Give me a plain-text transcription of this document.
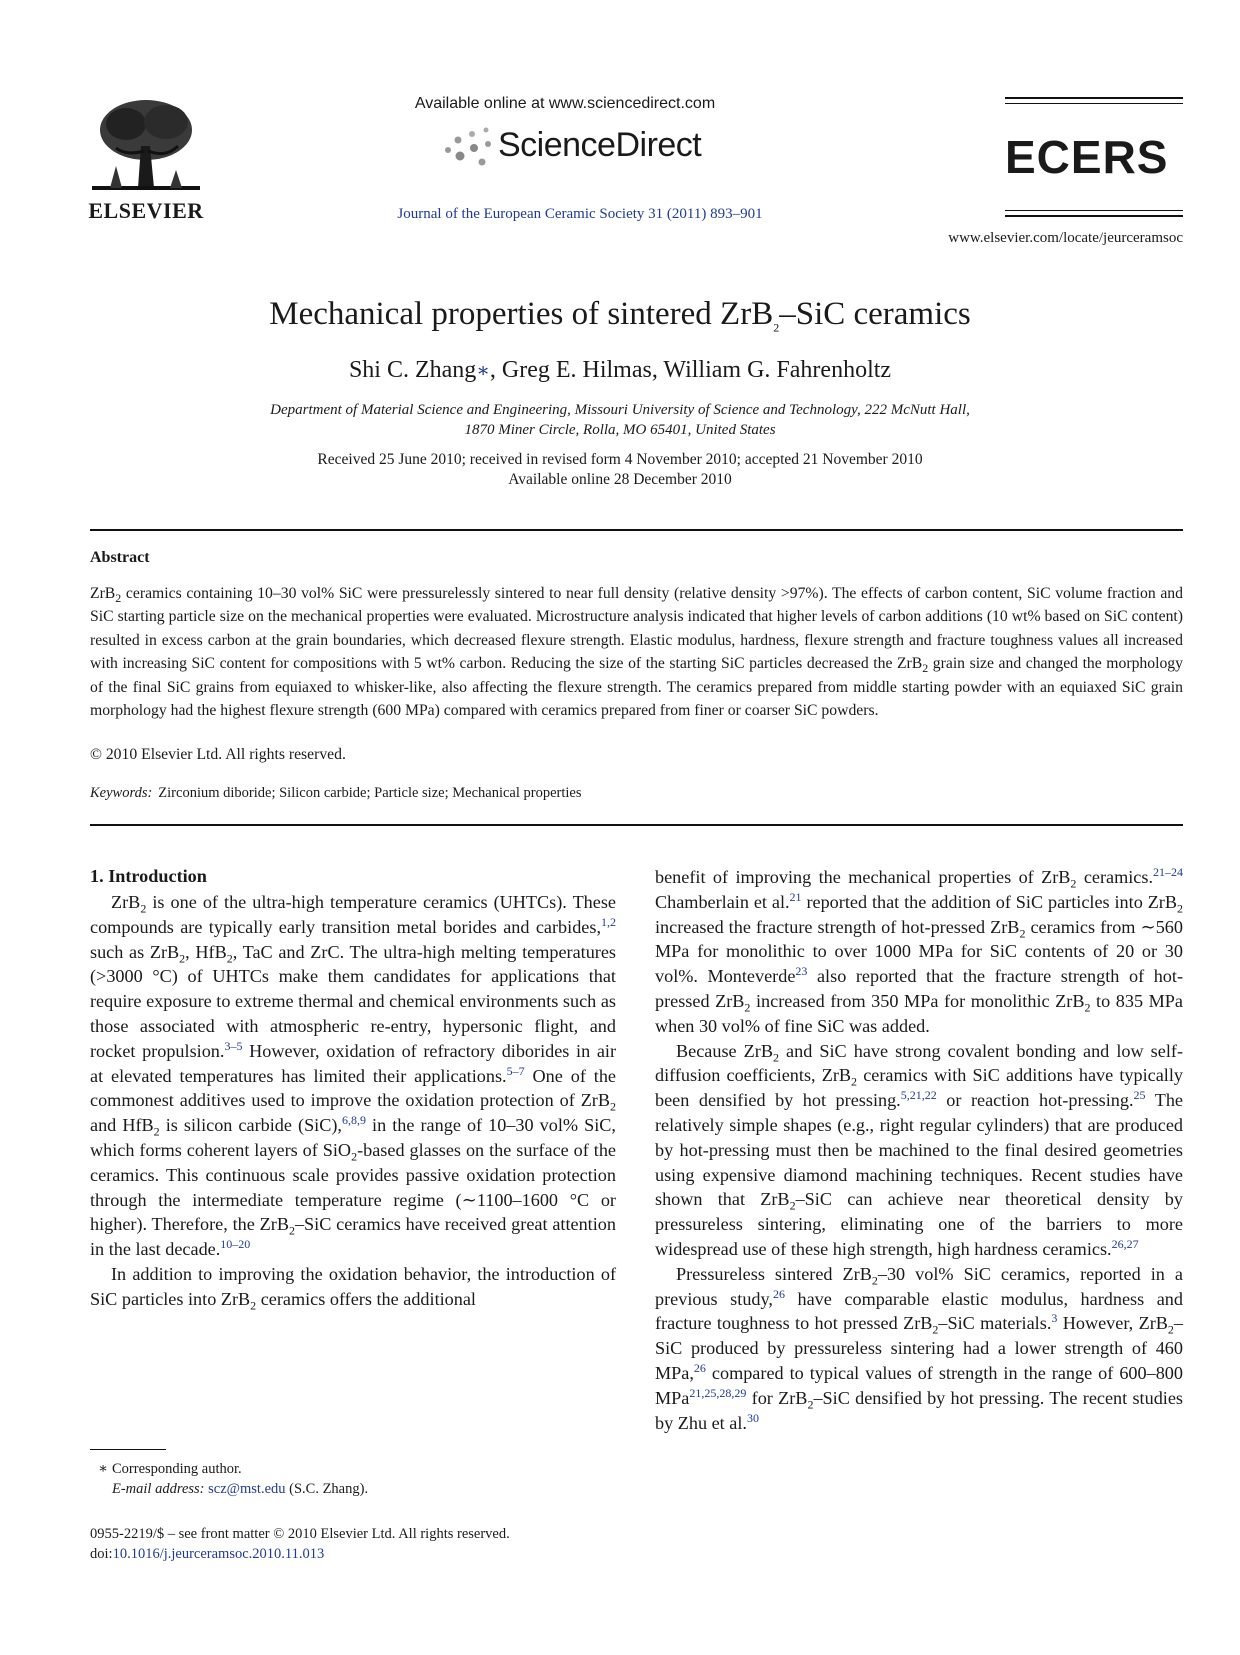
ELSEVIER
Available online at www.sciencedirect.com
ScienceDirect
Journal of the European Ceramic Society 31 (2011) 893–901
ECERS
www.elsevier.com/locate/jeurceramsoc
Mechanical properties of sintered ZrB$_2$–SiC ceramics
Shi C. Zhang∗, Greg E. Hilmas, William G. Fahrenholtz
Department of Material Science and Engineering, Missouri University of Science and Technology, 222 McNutt Hall,
1870 Miner Circle, Rolla, MO 65401, United States
Received 25 June 2010; received in revised form 4 November 2010; accepted 21 November 2010
Available online 28 December 2010
Abstract
ZrB$_2$ ceramics containing 10–30 vol% SiC were pressurelessly sintered to near full density (relative density >97%). The effects of carbon content, SiC volume fraction and SiC starting particle size on the mechanical properties were evaluated. Microstructure analysis indicated that higher levels of carbon additions (10 wt% based on SiC content) resulted in excess carbon at the grain boundaries, which decreased flexure strength. Elastic modulus, hardness, flexure strength and fracture toughness values all increased with increasing SiC content for compositions with 5 wt% carbon. Reducing the size of the starting SiC particles decreased the ZrB$_2$ grain size and changed the morphology of the final SiC grains from equiaxed to whisker-like, also affecting the flexure strength. The ceramics prepared from middle starting powder with an equiaxed SiC grain morphology had the highest flexure strength (600 MPa) compared with ceramics prepared from finer or coarser SiC powders.
© 2010 Elsevier Ltd. All rights reserved.
Keywords: Zirconium diboride; Silicon carbide; Particle size; Mechanical properties
1. Introduction

ZrB$_2$ is one of the ultra-high temperature ceramics (UHTCs). These compounds are typically early transition metal borides and carbides,$^{1,2}$ such as ZrB$_2$, HfB$_2$, TaC and ZrC. The ultra-high melting temperatures (>3000 °C) of UHTCs make them candidates for applications that require exposure to extreme thermal and chemical environments such as those associated with atmospheric re-entry, hypersonic flight, and rocket propulsion.$^{3-5}$ However, oxidation of refractory diborides in air at elevated temperatures has limited their applications.$^{5-7}$ One of the commonest additives used to improve the oxidation protection of ZrB$_2$ and HfB$_2$ is silicon carbide (SiC),$^{6,8,9}$ in the range of 10–30 vol% SiC, which forms coherent layers of SiO$_2$-based glasses on the surface of the ceramics. This continuous scale provides passive oxidation protection through the intermediate temperature regime (∼1100–1600 °C or higher). Therefore, the ZrB$_2$–SiC ceramics have received great attention in the last decade.$^{10-20}$

In addition to improving the oxidation behavior, the introduction of SiC particles into ZrB$_2$ ceramics offers the additional

benefit of improving the mechanical properties of ZrB$_2$ ceramics.$^{21-24}$ Chamberlain et al.$^{21}$ reported that the addition of SiC particles into ZrB$_2$ increased the fracture strength of hot-pressed ZrB$_2$ ceramics from ∼560 MPa for monolithic to over 1000 MPa for SiC contents of 20 or 30 vol%. Monteverde$^{23}$ also reported that the fracture strength of hot-pressed ZrB$_2$ increased from 350 MPa for monolithic ZrB$_2$ to 835 MPa when 30 vol% of fine SiC was added.

Because ZrB$_2$ and SiC have strong covalent bonding and low self-diffusion coefficients, ZrB$_2$ ceramics with SiC additions have typically been densified by hot pressing.$^{5,21,22}$ or reaction hot-pressing.$^{25}$ The relatively simple shapes (e.g., right regular cylinders) that are produced by hot-pressing must then be machined to the final desired geometries using expensive diamond machining techniques. Recent studies have shown that ZrB$_2$–SiC can achieve near theoretical density by pressureless sintering, eliminating one of the barriers to more widespread use of these high strength, high hardness ceramics.$^{26,27}$

Pressureless sintered ZrB$_2$–30 vol% SiC ceramics, reported in a previous study,$^{26}$ have comparable elastic modulus, hardness and fracture toughness to hot pressed ZrB$_2$–SiC materials.$^3$ However, ZrB$_2$–SiC produced by pressureless sintering had a lower strength of 460 MPa,$^{26}$ compared to typical values of strength in the range of 600–800 MPa$^{21,25,28,29}$ for ZrB$_2$–SiC densified by hot pressing. The recent studies by Zhu et al.$^{30}$

∗ Corresponding author.
E-mail address: scz@mst.edu (S.C. Zhang).
0955-2219/$ – see front matter © 2010 Elsevier Ltd. All rights reserved.
doi:10.1016/j.jeurceramsoc.2010.11.013
